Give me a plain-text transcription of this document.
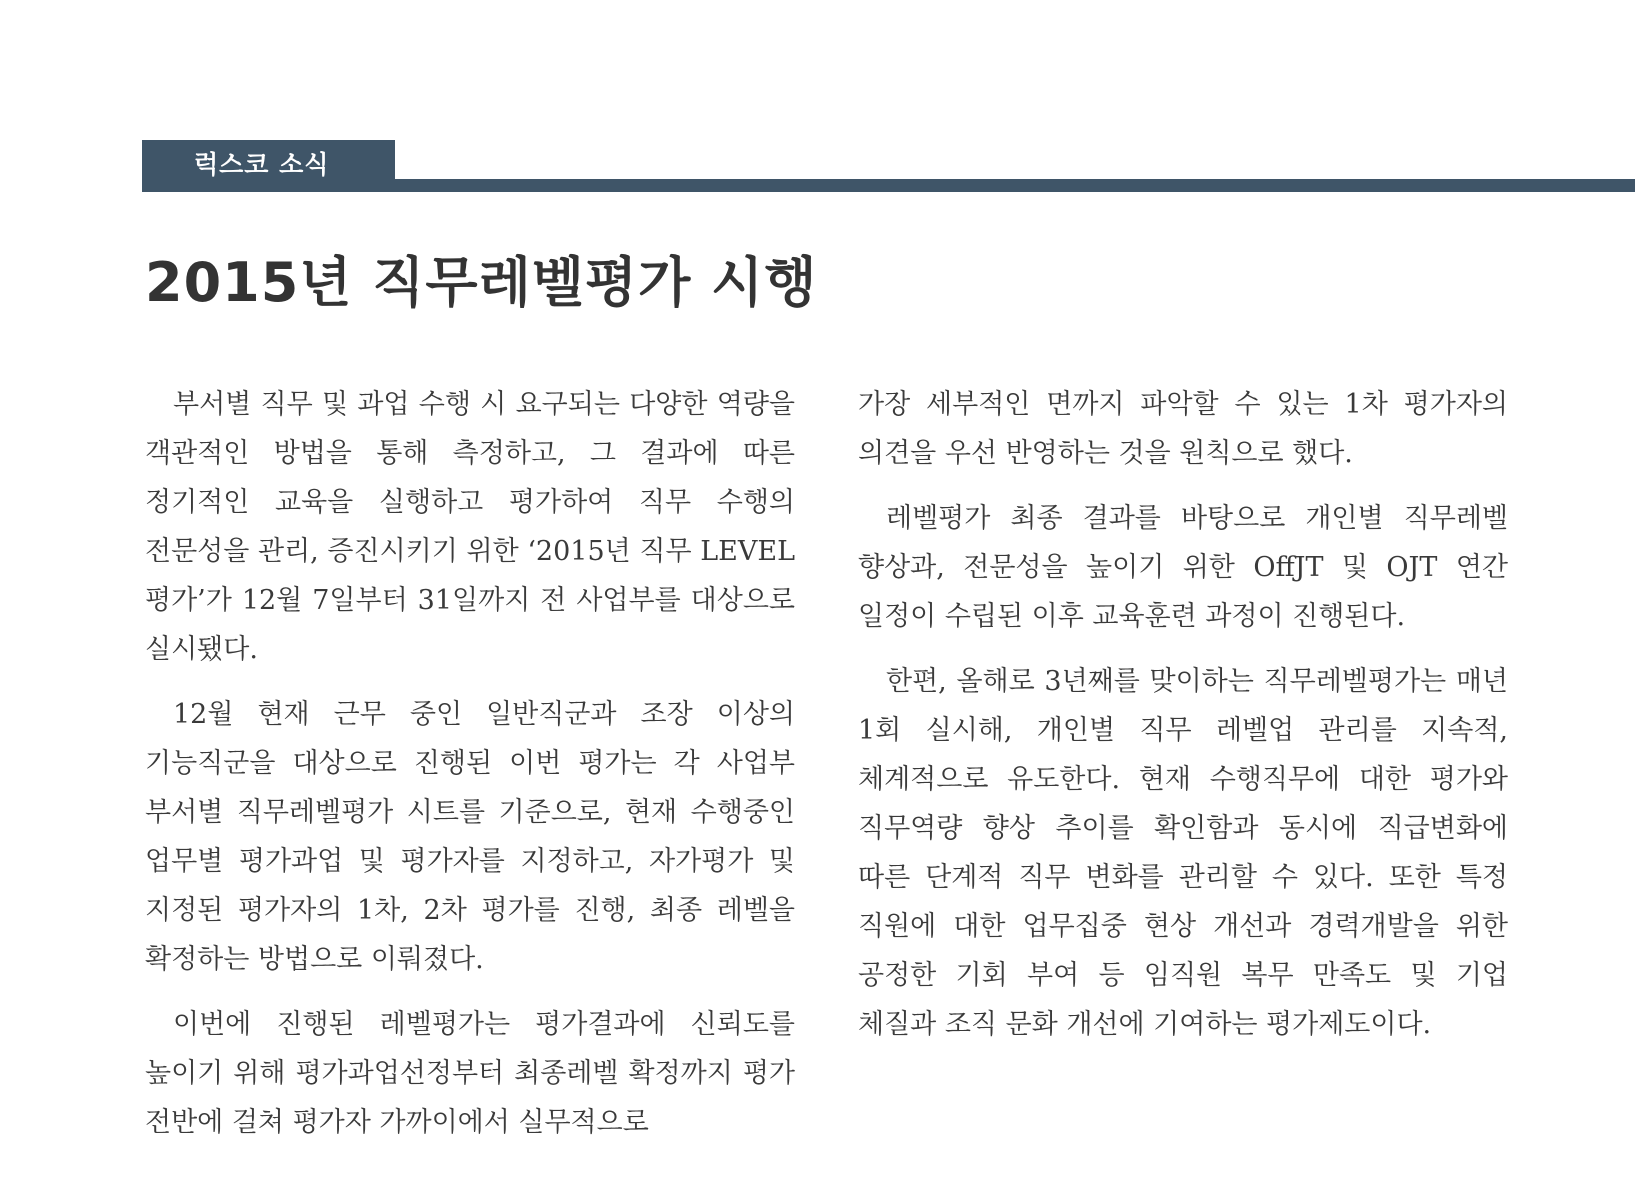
럭스코 소식
2015년 직무레벨평가 시행

부서별 직무 및 과업 수행 시 요구되는 다양한 역량을 객관적인 방법을 통해 측정하고, 그 결과에 따른 정기적인 교육을 실행하고 평가하여 직무 수행의 전문성을 관리, 증진시키기 위한 ‘2015년 직무 LEVEL 평가’가 12월 7일부터 31일까지 전 사업부를 대상으로 실시됐다.

12월 현재 근무 중인 일반직군과 조장 이상의 기능직군을 대상으로 진행된 이번 평가는 각 사업부 부서별 직무레벨평가 시트를 기준으로, 현재 수행중인 업무별 평가과업 및 평가자를 지정하고, 자가평가 및 지정된 평가자의 1차, 2차 평가를 진행, 최종 레벨을 확정하는 방법으로 이뤄졌다.

이번에 진행된 레벨평가는 평가결과에 신뢰도를 높이기 위해 평가과업선정부터 최종레벨 확정까지 평가 전반에 걸쳐 평가자 가까이에서 실무적으로

가장 세부적인 면까지 파악할 수 있는 1차 평가자의 의견을 우선 반영하는 것을 원칙으로 했다.

레벨평가 최종 결과를 바탕으로 개인별 직무레벨 향상과, 전문성을 높이기 위한 OffJT 및 OJT 연간 일정이 수립된 이후 교육훈련 과정이 진행된다.

한편, 올해로 3년째를 맞이하는 직무레벨평가는 매년 1회 실시해, 개인별 직무 레벨업 관리를 지속적, 체계적으로 유도한다. 현재 수행직무에 대한 평가와 직무역량 향상 추이를 확인함과 동시에 직급변화에 따른 단계적 직무 변화를 관리할 수 있다. 또한 특정 직원에 대한 업무집중 현상 개선과 경력개발을 위한 공정한 기회 부여 등 임직원 복무 만족도 및 기업 체질과 조직 문화 개선에 기여하는 평가제도이다.
